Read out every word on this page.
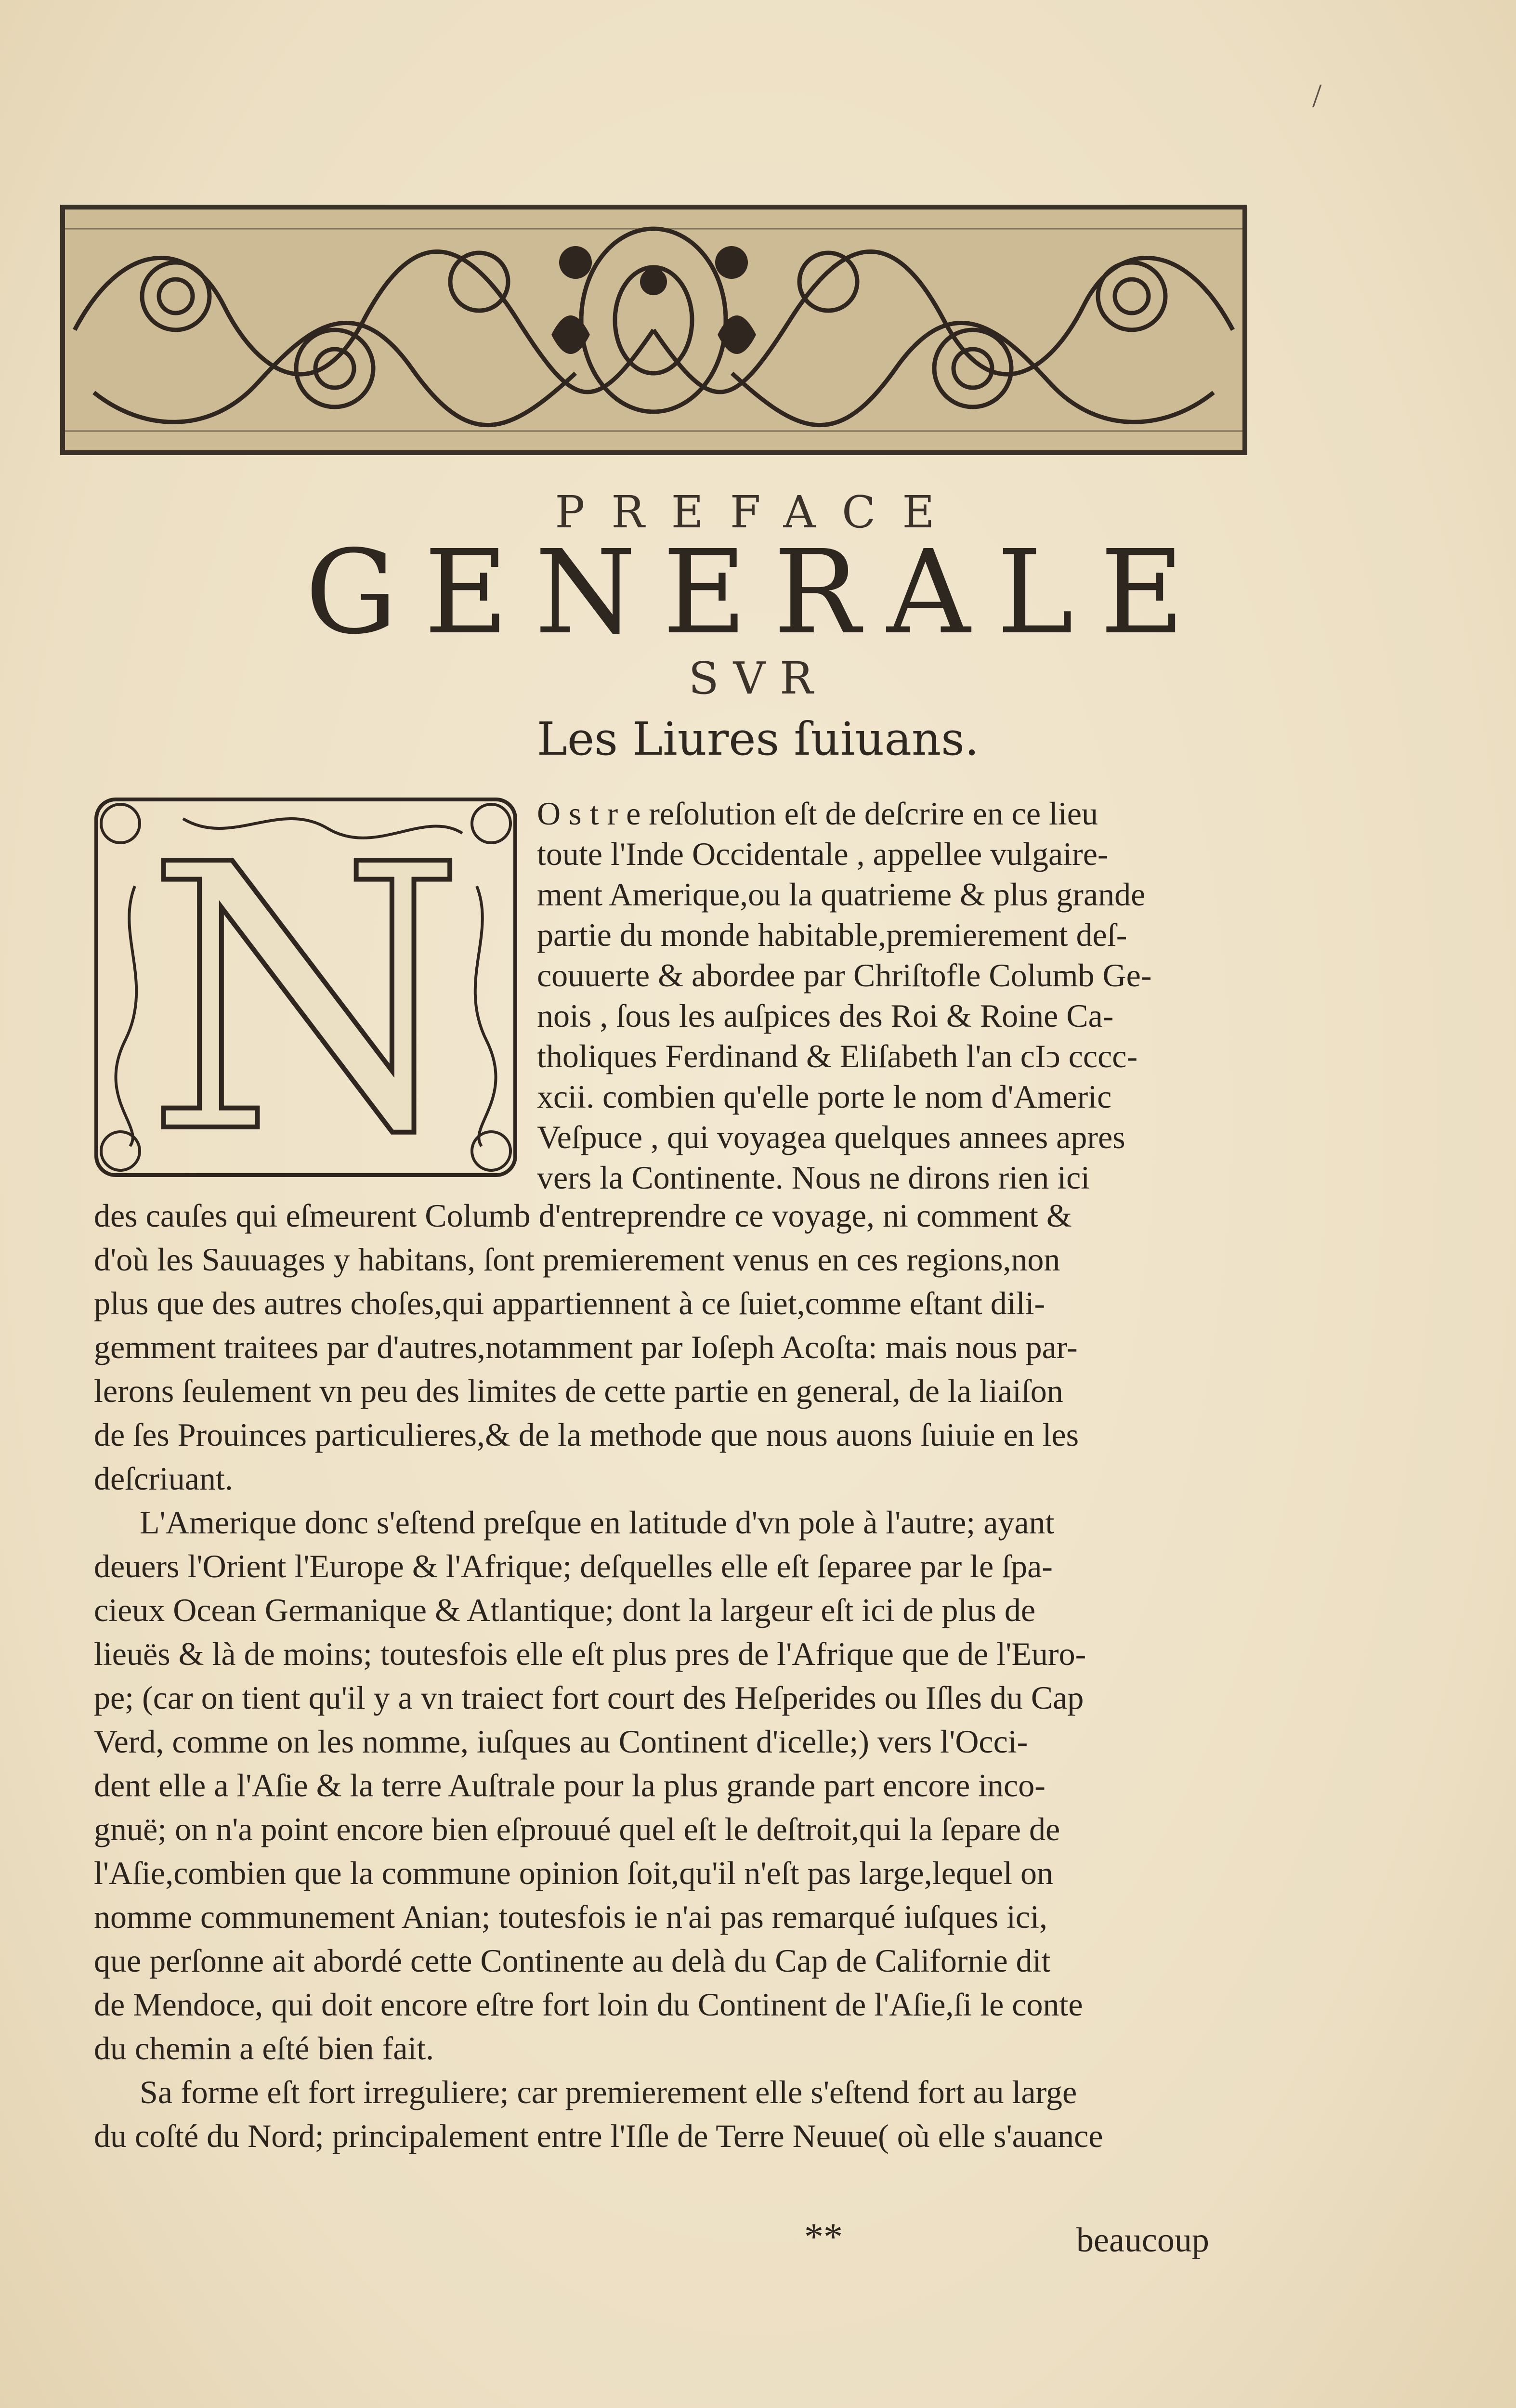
PREFACE
GENERALE
SVR
Les Liures ſuiuans.
N O s t r e reſolution eſt de deſcrire en ce lieu
toute l'Inde Occidentale , appellee vulgaire-
ment Amerique,ou la quatrieme & plus grande
partie du monde habitable,premierement deſ-
couuerte & abordee par Chriſtofle Columb Ge-
nois , ſous les auſpices des Roi & Roine Ca-
tholiques Ferdinand & Eliſabeth l'an cIↄ cccc-
xcii. combien qu'elle porte le nom d'Americ
Veſpuce , qui voyagea quelques annees apres
vers la Continente. Nous ne dirons rien ici
des cauſes qui eſmeurent Columb d'entreprendre ce voyage, ni comment &
d'où les Sauuages y habitans, ſont premierement venus en ces regions,non
plus que des autres choſes,qui appartiennent à ce ſuiet,comme eſtant dili-
gemment traitees par d'autres,notamment par Ioſeph Acoſta: mais nous par-
lerons ſeulement vn peu des limites de cette partie en general, de la liaiſon
de ſes Prouinces particulieres,& de la methode que nous auons ſuiuie en les
deſcriuant.
L'Amerique donc s'eſtend preſque en latitude d'vn pole à l'autre; ayant
deuers l'Orient l'Europe & l'Afrique; deſquelles elle eſt ſeparee par le ſpa-
cieux Ocean Germanique & Atlantique; dont la largeur eſt ici de plus de
lieuës & là de moins; toutesfois elle eſt plus pres de l'Afrique que de l'Euro-
pe; (car on tient qu'il y a vn traiect fort court des Heſperides ou Iſles du Cap
Verd, comme on les nomme, iuſques au Continent d'icelle;) vers l'Occi-
dent elle a l'Aſie & la terre Auſtrale pour la plus grande part encore inco-
gnuë; on n'a point encore bien eſprouué quel eſt le deſtroit,qui la ſepare de
l'Aſie,combien que la commune opinion ſoit,qu'il n'eſt pas large,lequel on
nomme communement Anian; toutesfois ie n'ai pas remarqué iuſques ici,
que perſonne ait abordé cette Continente au delà du Cap de Californie dit
de Mendoce, qui doit encore eſtre fort loin du Continent de l'Aſie,ſi le conte
du chemin a eſté bien fait.
Sa forme eſt fort irreguliere; car premierement elle s'eſtend fort au large
du coſté du Nord; principalement entre l'Iſle de Terre Neuue( où elle s'auance
**	beaucoup
/
